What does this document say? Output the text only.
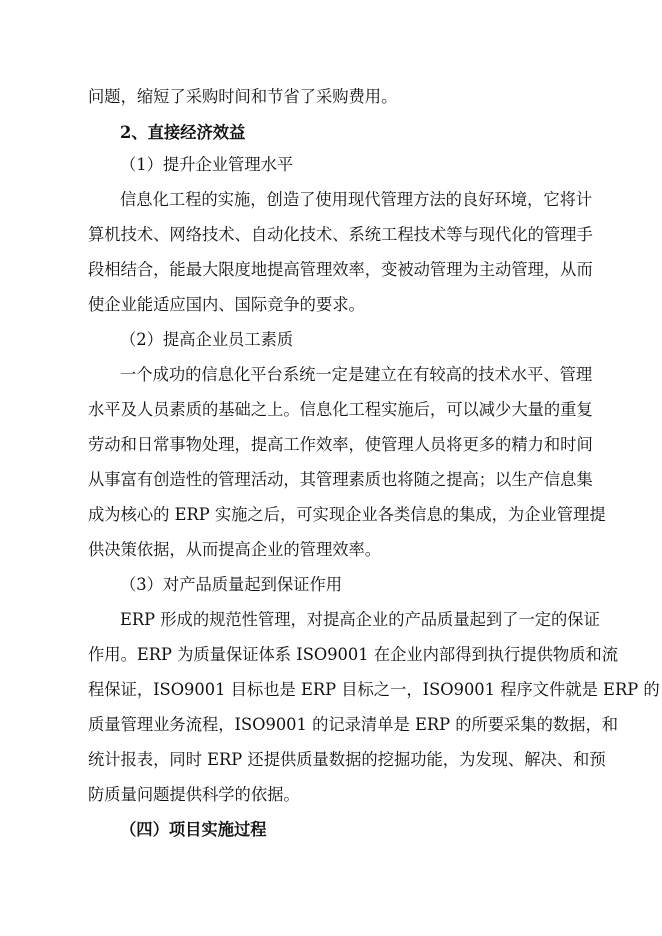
问题，缩短了采购时间和节省了采购费用。
2、直接经济效益
（1）提升企业管理水平
信息化工程的实施，创造了使用现代管理方法的良好环境，它将计
算机技术、网络技术、自动化技术、系统工程技术等与现代化的管理手
段相结合，能最大限度地提高管理效率，变被动管理为主动管理，从而
使企业能适应国内、国际竞争的要求。
（2）提高企业员工素质
一个成功的信息化平台系统一定是建立在有较高的技术水平、管理
水平及人员素质的基础之上。信息化工程实施后，可以减少大量的重复
劳动和日常事物处理，提高工作效率，使管理人员将更多的精力和时间
从事富有创造性的管理活动，其管理素质也将随之提高；以生产信息集
成为核心的 ERP 实施之后，可实现企业各类信息的集成，为企业管理提
供决策依据，从而提高企业的管理效率。
（3）对产品质量起到保证作用
ERP 形成的规范性管理，对提高企业的产品质量起到了一定的保证
作用。ERP 为质量保证体系 ISO9001 在企业内部得到执行提供物质和流
程保证，ISO9001 目标也是 ERP 目标之一，ISO9001 程序文件就是 ERP 的
质量管理业务流程，ISO9001 的记录清单是 ERP 的所要采集的数据，和
统计报表，同时 ERP 还提供质量数据的挖掘功能，为发现、解决、和预
防质量问题提供科学的依据。
（四）项目实施过程
